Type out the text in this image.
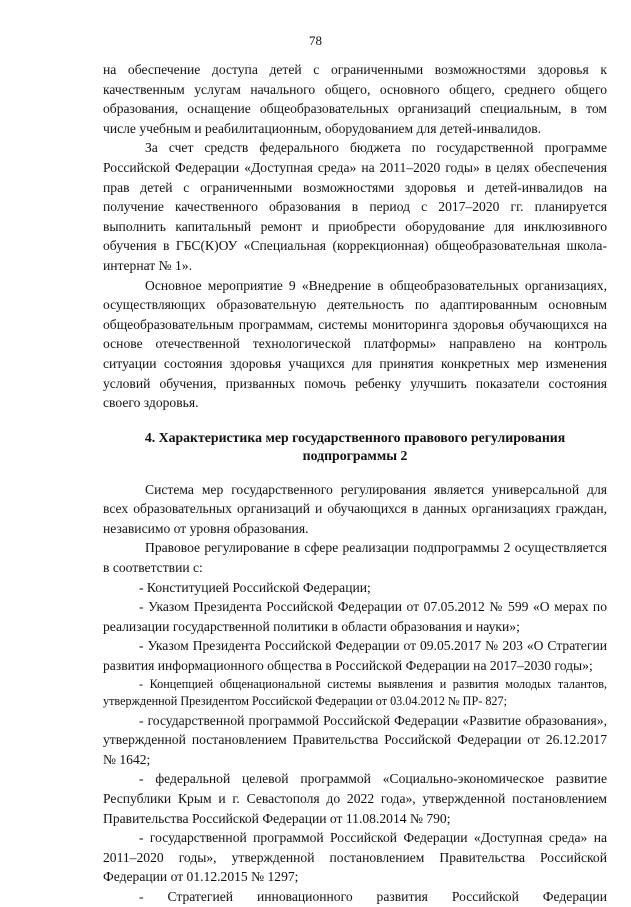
78

на обеспечение доступа детей с ограниченными возможностями здоровья к качественным услугам начального общего, основного общего, среднего общего образования, оснащение общеобразовательных организаций специальным, в том числе учебным и реабилитационным, оборудованием для детей-инвалидов.

За счет средств федерального бюджета по государственной программе Российской Федерации «Доступная среда» на 2011–2020 годы» в целях обеспечения прав детей с ограниченными возможностями здоровья и детей-инвалидов на получение качественного образования в период с 2017–2020 гг. планируется выполнить капитальный ремонт и приобрести оборудование для инклюзивного обучения в ГБС(К)ОУ «Специальная (коррекционная) общеобразовательная школа-интернат № 1».

Основное мероприятие 9 «Внедрение в общеобразовательных организациях, осуществляющих образовательную деятельность по адаптированным основным общеобразовательным программам, системы мониторинга здоровья обучающихся на основе отечественной технологической платформы» направлено на контроль ситуации состояния здоровья учащихся для принятия конкретных мер изменения условий обучения, призванных помочь ребенку улучшить показатели состояния своего здоровья.

4. Характеристика мер государственного правового регулирования подпрограммы 2

Система мер государственного регулирования является универсальной для всех образовательных организаций и обучающихся в данных организациях граждан, независимо от уровня образования.

Правовое регулирование в сфере реализации подпрограммы 2 осуществляется в соответствии с:

- Конституцией Российской Федерации;

- Указом Президента Российской Федерации от 07.05.2012 № 599 «О мерах по реализации государственной политики в области образования и науки»;

- Указом Президента Российской Федерации от 09.05.2017 № 203 «О Стратегии развития информационного общества в Российской Федерации на 2017–2030 годы»;

- Концепцией общенациональной системы выявления и развития молодых талантов, утвержденной Президентом Российской Федерации от 03.04.2012 № ПР- 827;

- государственной программой Российской Федерации «Развитие образования», утвержденной постановлением Правительства Российской Федерации от 26.12.2017 № 1642;

- федеральной целевой программой «Социально-экономическое развитие Республики Крым и г. Севастополя до 2022 года», утвержденной постановлением Правительства Российской Федерации от 11.08.2014 № 790;

- государственной программой Российской Федерации «Доступная среда» на 2011–2020 годы», утвержденной постановлением Правительства Российской Федерации от 01.12.2015 № 1297;

- Стратегией инновационного развития Российской Федерации
